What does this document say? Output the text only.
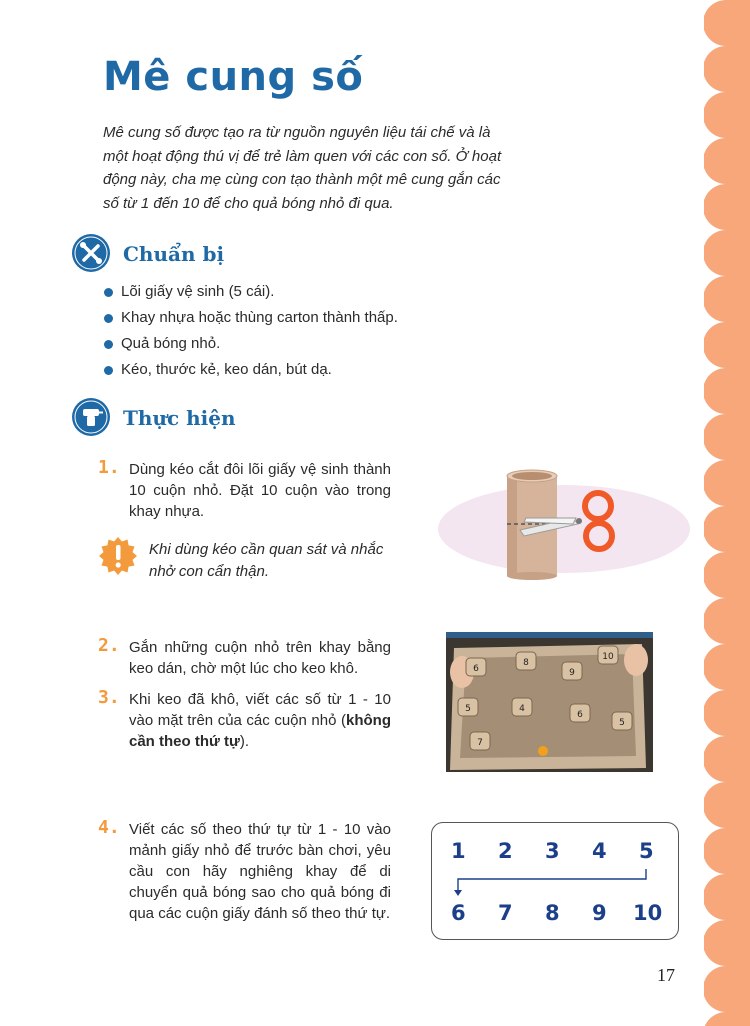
Mê cung số

Mê cung số được tạo ra từ nguồn nguyên liệu tái chế và là một hoạt động thú vị để trẻ làm quen với các con số. Ở hoạt động này, cha mẹ cùng con tạo thành một mê cung gắn các số từ 1 đến 10 để cho quả bóng nhỏ đi qua.

Chuẩn bị
Lõi giấy vệ sinh (5 cái).
Khay nhựa hoặc thùng carton thành thấp.
Quả bóng nhỏ.
Kéo, thước kẻ, keo dán, bút dạ.
Thực hiện
1. Dùng kéo cắt đôi lõi giấy vệ sinh thành 10 cuộn nhỏ. Đặt 10 cuộn vào trong khay nhựa.

Khi dùng kéo cần quan sát và nhắc nhở con cẩn thận.

2. Gắn những cuộn nhỏ trên khay bằng keo dán, chờ một lúc cho keo khô.

3. Khi keo đã khô, viết các số từ 1 - 10 vào mặt trên của các cuộn nhỏ (không cần theo thứ tự).

6
8
9
10
5	4
6
5
7
4. Viết các số theo thứ tự từ 1 - 10 vào mảnh giấy nhỏ để trước bàn chơi, yêu cầu con hãy nghiêng khay để di chuyển quả bóng sao cho quả bóng đi qua các cuộn giấy đánh số theo thứ tự.

1 2 3 4 5
6 7 8 9 10
17
